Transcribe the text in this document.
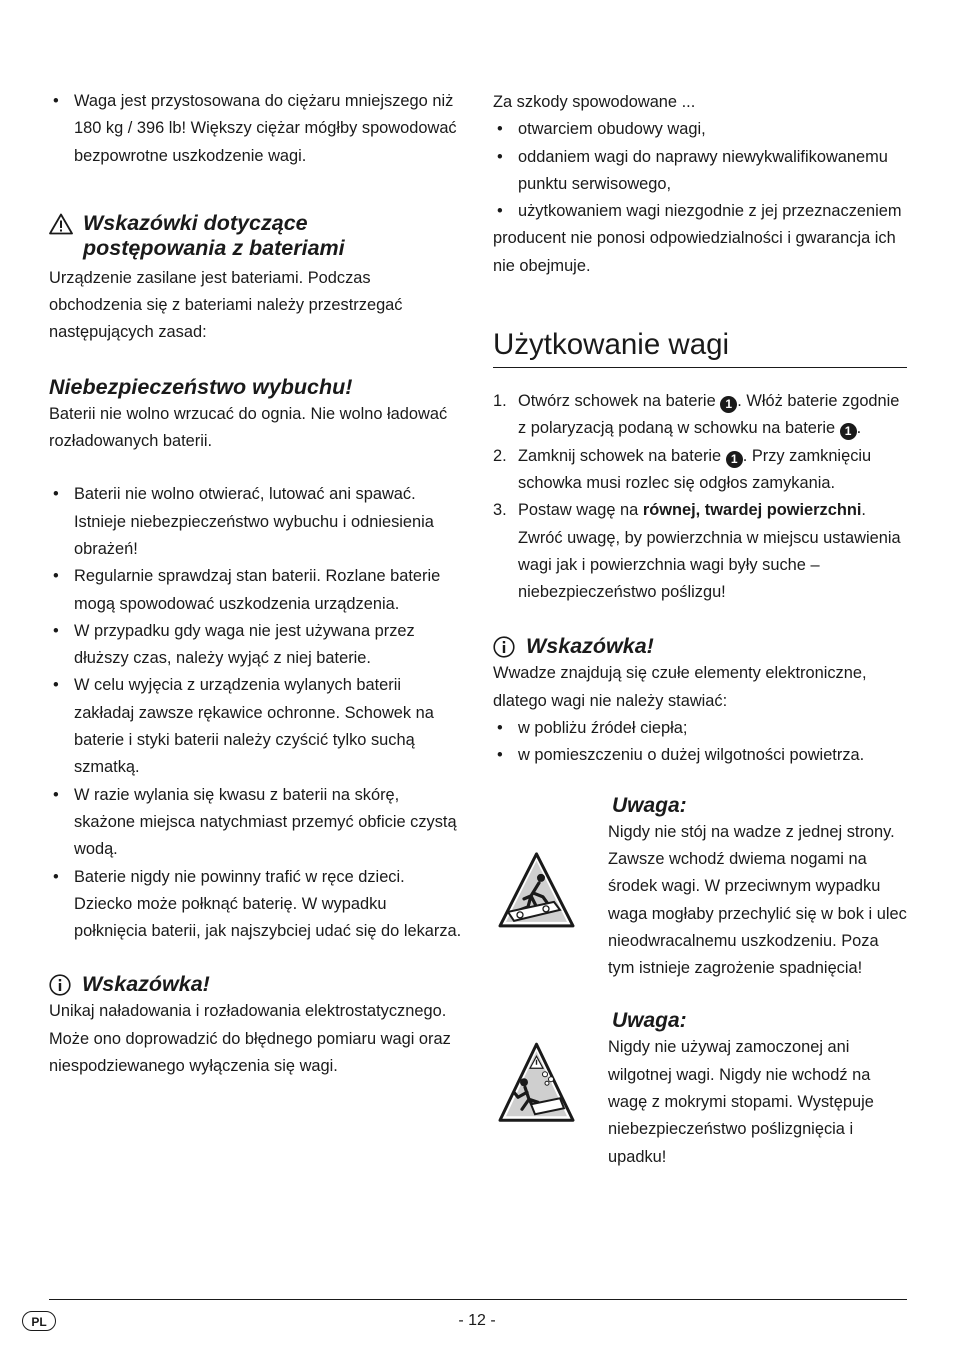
• Waga jest przystosowana do ciężaru mniejszego niż 180 kg / 396 lb! Większy ciężar mógłby spowodować bezpowrotne uszkodzenie wagi.

Wskazówki dotyczące

postępowania z bateriami

Urządzenie zasilane jest bateriami. Podczas obchodzenia się z bateriami należy przestrzegać następujących zasad:

Niebezpieczeństwo wybuchu!

Baterii nie wolno wrzucać do ognia. Nie wolno ładować rozładowanych baterii.

• Baterii nie wolno otwierać, lutować ani spawać. Istnieje niebezpieczeństwo wybuchu i odniesienia obrażeń!
• Regularnie sprawdzaj stan baterii. Rozlane baterie mogą spowodować uszkodzenia urządzenia.
• W przypadku gdy waga nie jest używana przez dłuższy czas, należy wyjąć z niej baterie.
• W celu wyjęcia z urządzenia wylanych baterii zakładaj zawsze rękawice ochronne. Schowek na baterie i styki baterii należy czyścić tylko suchą szmatką.
• W razie wylania się kwasu z baterii na skórę, skażone miejsca natychmiast przemyć obficie czystą wodą.
• Baterie nigdy nie powinny trafić w ręce dzieci. Dziecko może połknąć baterię. W wypadku połknięcia baterii, jak najszybciej udać się do lekarza.

Wskazówka!

Unikaj naładowania i rozładowania elektrostatycznego. Może ono doprowadzić do błędnego pomiaru wagi oraz niespodziewanego wyłączenia się wagi.

Za szkody spowodowane ...

• otwarciem obudowy wagi,
• oddaniem wagi do naprawy niewykwalifikowanemu punktu serwisowego,
• użytkowaniem wagi niezgodnie z jej przeznaczeniem

producent nie ponosi odpowiedzialności i gwarancja ich nie obejmuje.

Użytkowanie wagi
1. Otwórz schowek na baterie 1 . Włóż baterie zgodnie z polaryzacją podaną w schowku na baterie 1 .
2. Zamknij schowek na baterie 1 . Przy zamknięciu schowka musi rozlec się odgłos zamykania.
3. Postaw wagę na równej, twardej powierzchni. Zwróć uwagę, by powierzchnia w miejscu ustawienia wagi jak i powierzchnia wagi były suche – niebezpieczeństwo poślizgu!

Wskazówka!

Wwadze znajdują się czułe elementy elektroniczne, dlatego wagi nie należy stawiać:

• w pobliżu źródeł ciepła;
• w pomieszczeniu o dużej wilgotności powietrza.

Uwaga:

Nigdy nie stój na wadze z jednej strony. Zawsze wchodź dwiema nogami na środek wagi. W przeciwnym wypadku waga mogłaby przechylić się w bok i ulec nieodwracalnemu uszkodzeniu. Poza tym istnieje zagrożenie spadnięcia!

Uwaga:

Nigdy nie używaj zamoczonej ani wilgotnej wagi. Nigdy nie wchodź na wagę z mokrymi stopami. Występuje niebezpieczeństwo poślizgnięcia i upadku!

PL	- 12 -
